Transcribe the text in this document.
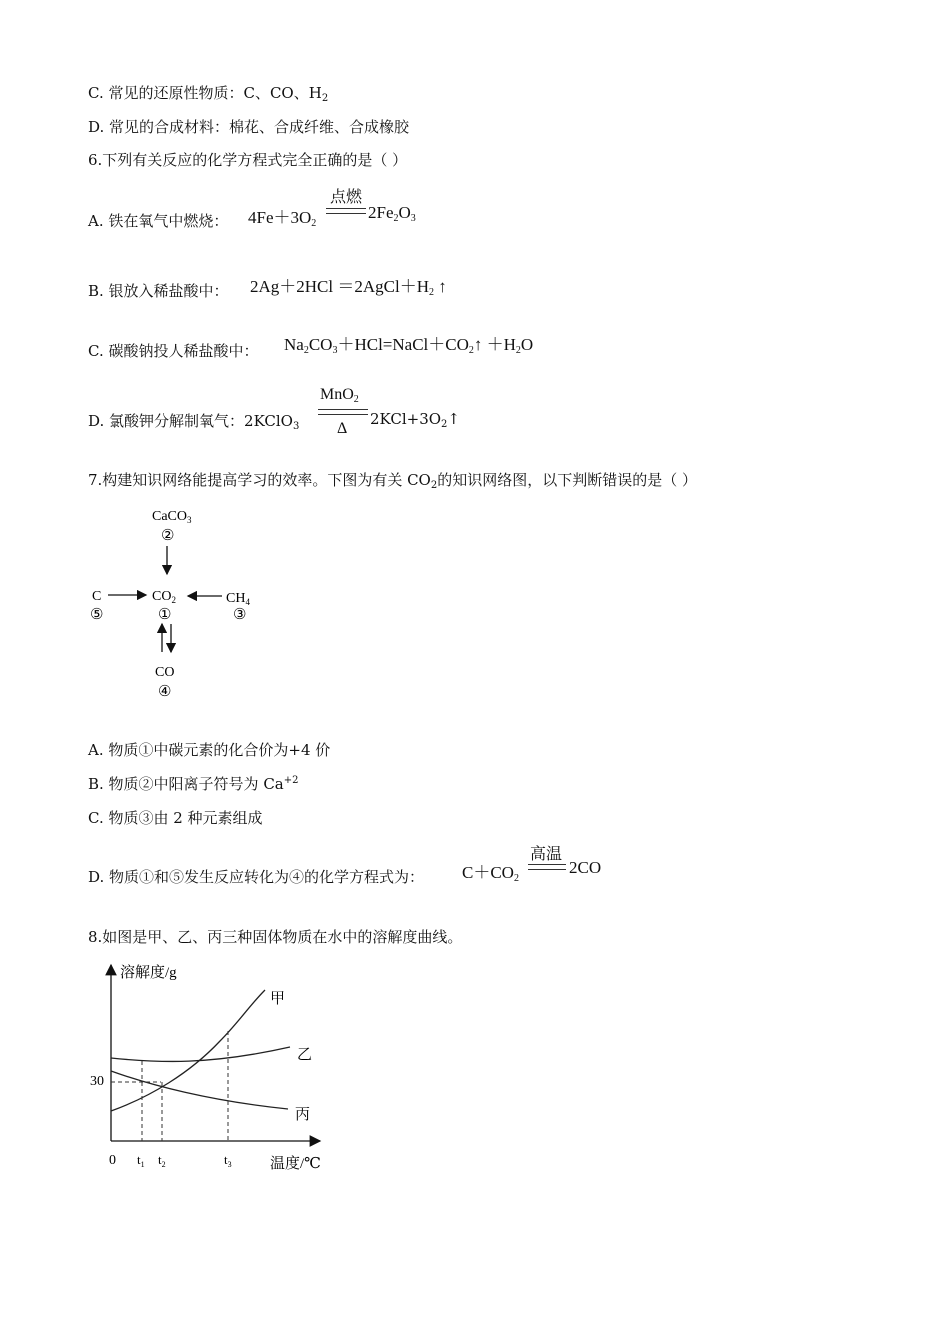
C. 常见的还原性物质：C、CO、$H_2$
D. 常见的合成材料：棉花、合成纤维、合成橡胶
6.下列有关反应的化学方程式完全正确的是（ ）
A. 铁在氧气中燃烧： $4Fe+3O_2$
点燃
$2Fe_2O_3$
B. 银放入稀盐酸中： $2Ag+2HCl =2AgCl+H_2$ ↑
C. 碳酸钠投人稀盐酸中： $Na_2CO_3+HCl=NaCl+CO_2↑ +H_2O$
D. 氯酸钾分解制氧气：2KClO$_3$
MnO$_2$
Δ
$2KCl+3O_2↑$
7.构建知识网络能提高学习的效率。下图为有关 $CO_2$的知识网络图，以下判断错误的是（ ）
CaCO$_3$
②
$CO_2$
①
C
⑤
$CH_4$
③
CO
④
A. 物质①中碳元素的化合价为+4 价
B. 物质②中阳离子符号为 $Ca^{+2}$
C. 物质③由 2 种元素组成
D. 物质①和⑤发生反应转化为④的化学方程式为： $C+CO_2$
高温
2CO
8.如图是甲、乙、丙三种固体物质在水中的溶解度曲线。
溶解度/g
温度/℃
0
30
$t_1$ $t_2$	$t_3$
甲
乙
丙
